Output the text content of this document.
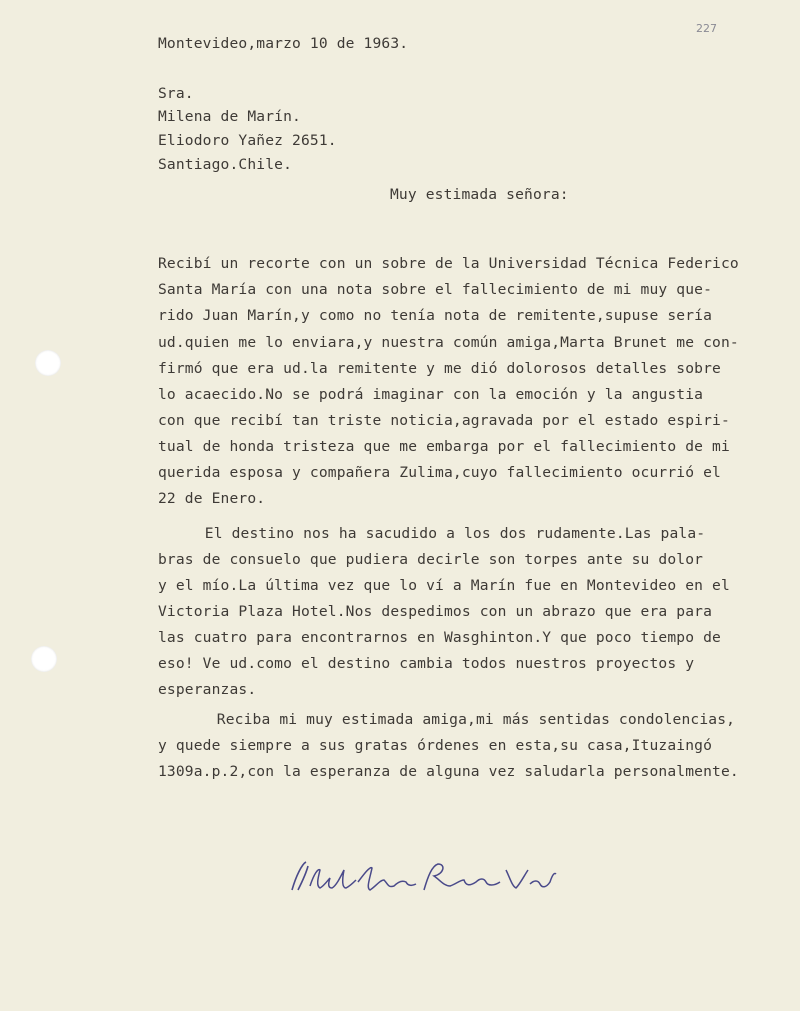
227
Montevideo,marzo 10 de 1963.
Sra.
Milena de Marín.
Eliodoro Yañez 2651.
Santiago.Chile.
Muy estimada señora:
Recibí un recorte con un sobre de la Universidad Técnica Federico
Santa María con una nota sobre el fallecimiento de mi muy que-
rido Juan Marín,y como no tenía nota de remitente,supuse sería
ud.quien me lo enviara,y nuestra común amiga,Marta Brunet me con-
firmó que era ud.la remitente y me dió dolorosos detalles sobre
lo acaecido.No se podrá imaginar con la emoción y la angustia
con que recibí tan triste noticia,agravada por el estado espiri-
tual de honda tristeza que me embarga por el fallecimiento de mi
querida esposa y compañera Zulima,cuyo fallecimiento ocurrió el
22 de Enero.
El destino nos ha sacudido a los dos rudamente.Las pala-
bras de consuelo que pudiera decirle son torpes ante su dolor
y el mío.La última vez que lo ví a Marín fue en Montevideo en el
Victoria Plaza Hotel.Nos despedimos con un abrazo que era para
las cuatro para encontrarnos en Wasghinton.Y que poco tiempo de
eso! Ve ud.como el destino cambia todos nuestros proyectos y
esperanzas.
Reciba mi muy estimada amiga,mi más sentidas condolencias,
y quede siempre a sus gratas órdenes en esta,su casa,Ituzaingó
1309a.p.2,con la esperanza de alguna vez saludarla personalmente.
